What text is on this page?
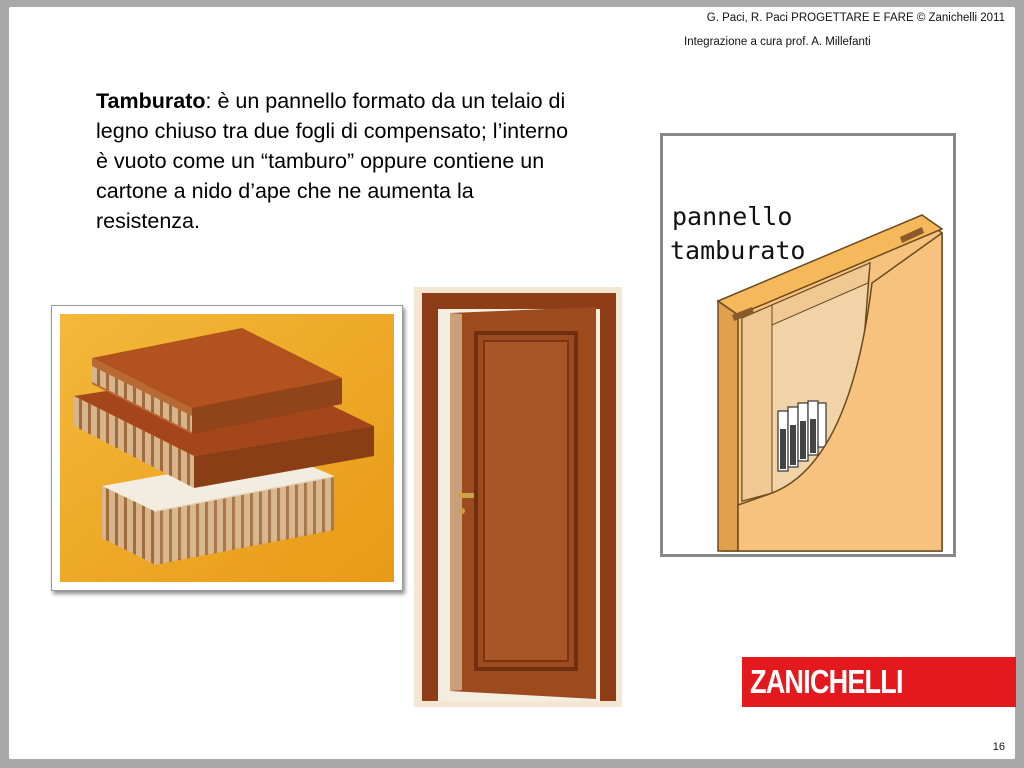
G. Paci, R. Paci PROGETTARE E FARE © Zanichelli 2011
Integrazione a cura prof. A. Millefanti
Tamburato: è un pannello formato da un telaio di legno chiuso tra due fogli di compensato; l’interno è vuoto come un “tamburo” oppure contiene un cartone a nido d’ape che ne aumenta la resistenza.	pannello
tamburato
ZANICHELLI
16
